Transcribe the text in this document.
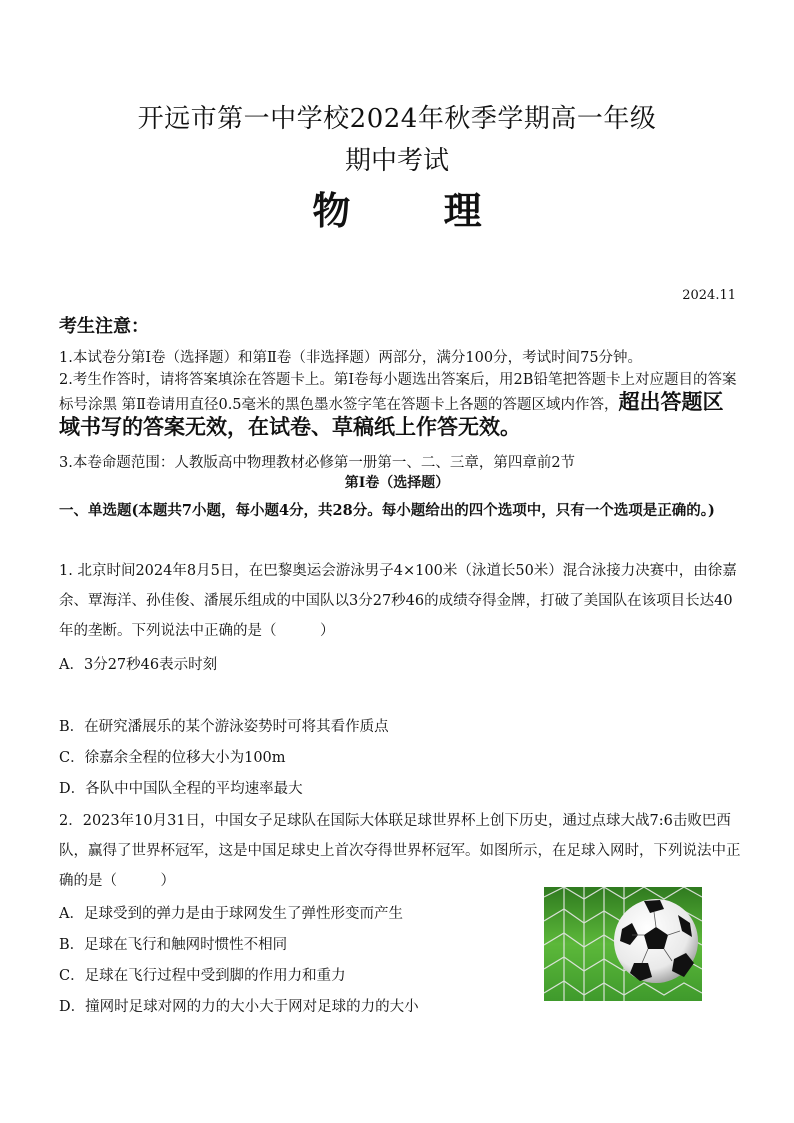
开远市第一中学校2024年秋季学期高一年级
期中考试
物 理
2024.11
考生注意：
1.本试卷分第Ⅰ卷（选择题）和第Ⅱ卷（非选择题）两部分，满分100分，考试时间75分钟。
2.考生作答时，请将答案填涂在答题卡上。第Ⅰ卷每小题选出答案后，用2B铅笔把答题卡上对应题目的答案标号涂黑 第Ⅱ卷请用直径0.5毫米的黑色墨水签字笔在答题卡上各题的答题区域内作答，超出答题区域书写的答案无效，在试卷、草稿纸上作答无效。
3.本卷命题范围：人教版高中物理教材必修第一册第一、二、三章，第四章前2节
第Ⅰ卷（选择题）
一、单选题(本题共7小题，每小题4分，共28分。每小题给出的四个选项中，只有一个选项是正确的。)
1. 北京时间2024年8月5日，在巴黎奥运会游泳男子4×100米（泳道长50米）混合泳接力决赛中，由徐嘉余、覃海洋、孙佳俊、潘展乐组成的中国队以3分27秒46的成绩夺得金牌，打破了美国队在该项目长达40年的垄断。下列说法中正确的是（　　　）
A．3分27秒46表示时刻
B．在研究潘展乐的某个游泳姿势时可将其看作质点
C．徐嘉余全程的位移大小为100m
D．各队中中国队全程的平均速率最大
2．2023年10月31日，中国女子足球队在国际大体联足球世界杯上创下历史，通过点球大战7:6击败巴西队，赢得了世界杯冠军，这是中国足球史上首次夺得世界杯冠军。如图所示，在足球入网时，下列说法中正确的是（　　　）
A．足球受到的弹力是由于球网发生了弹性形变而产生
B．足球在飞行和触网时惯性不相同
C．足球在飞行过程中受到脚的作用力和重力
D．撞网时足球对网的力的大小大于网对足球的力的大小
